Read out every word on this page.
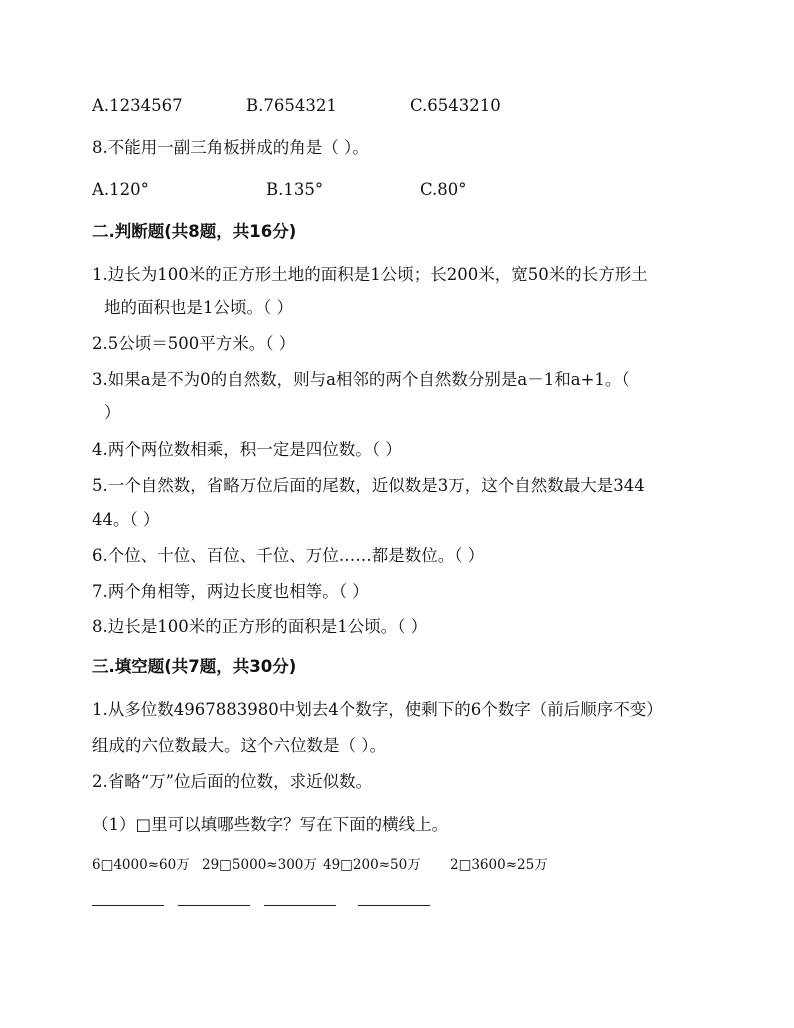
A.1234567	B.7654321	C.6543210
8.不能用一副三角板拼成的角是（ ）。
A.120°	B.135°	C.80°
二.判断题(共8题，共16分)
1.边长为100米的正方形土地的面积是1公顷；长200米，宽50米的长方形土
地的面积也是1公顷。（ ）
2.5公顷＝500平方米。（ ）
3.如果a是不为0的自然数，则与a相邻的两个自然数分别是a－1和a+1。（
）
4.两个两位数相乘，积一定是四位数。（ ）
5.一个自然数，省略万位后面的尾数，近似数是3万，这个自然数最大是344
44。（ ）
6.个位、十位、百位、千位、万位……都是数位。（ ）
7.两个角相等，两边长度也相等。（ ）
8.边长是100米的正方形的面积是1公顷。（ ）
三.填空题(共7题，共30分)
1.从多位数4967883980中划去4个数字，使剩下的6个数字（前后顺序不变）
组成的六位数最大。这个六位数是（ ）。
2.省略“万”位后面的位数，求近似数。
（1）□里可以填哪些数字？写在下面的横线上。
6□4000≈60万 29□5000≈300万 49□200≈50万 2□3600≈25万
